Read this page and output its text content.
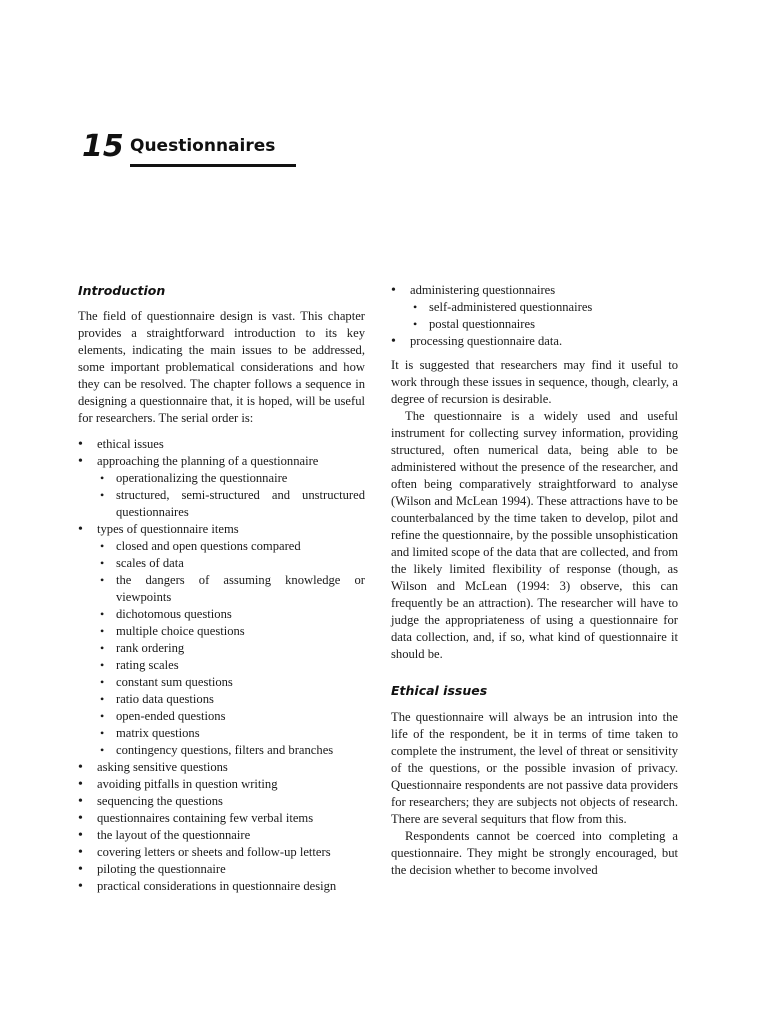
15 Questionnaires
Introduction

The field of questionnaire design is vast. This chapter provides a straightforward introduction to its key elements, indicating the main issues to be addressed, some important problematical considerations and how they can be resolved. The chapter follows a sequence in designing a questionnaire that, it is hoped, will be useful for researchers. The serial order is:

• ethical issues
• approaching the planning of a questionnaire
• operationalizing the questionnaire
• structured, semi-structured and unstructured questionnaires
• types of questionnaire items
• closed and open questions compared
• scales of data
• the dangers of assuming knowledge or viewpoints
• dichotomous questions
• multiple choice questions
• rank ordering
• rating scales
• constant sum questions
• ratio data questions
• open-ended questions
• matrix questions
• contingency questions, filters and branches
• asking sensitive questions
• avoiding pitfalls in question writing
• sequencing the questions
• questionnaires containing few verbal items
• the layout of the questionnaire
• covering letters or sheets and follow-up letters
• piloting the questionnaire
• practical considerations in questionnaire design
• administering questionnaires
• self-administered questionnaires
• postal questionnaires
• processing questionnaire data.

It is suggested that researchers may find it useful to work through these issues in sequence, though, clearly, a degree of recursion is desirable.

The questionnaire is a widely used and useful instrument for collecting survey information, providing structured, often numerical data, being able to be administered without the presence of the researcher, and often being comparatively straightforward to analyse (Wilson and McLean 1994). These attractions have to be counterbalanced by the time taken to develop, pilot and refine the questionnaire, by the possible unsophistication and limited scope of the data that are collected, and from the likely limited flexibility of response (though, as Wilson and McLean (1994: 3) observe, this can frequently be an attraction). The researcher will have to judge the appropriateness of using a questionnaire for data collection, and, if so, what kind of questionnaire it should be.

Ethical issues

The questionnaire will always be an intrusion into the life of the respondent, be it in terms of time taken to complete the instrument, the level of threat or sensitivity of the questions, or the possible invasion of privacy. Questionnaire respondents are not passive data providers for researchers; they are subjects not objects of research. There are several sequiturs that flow from this.

Respondents cannot be coerced into completing a questionnaire. They might be strongly encouraged, but the decision whether to become involved
